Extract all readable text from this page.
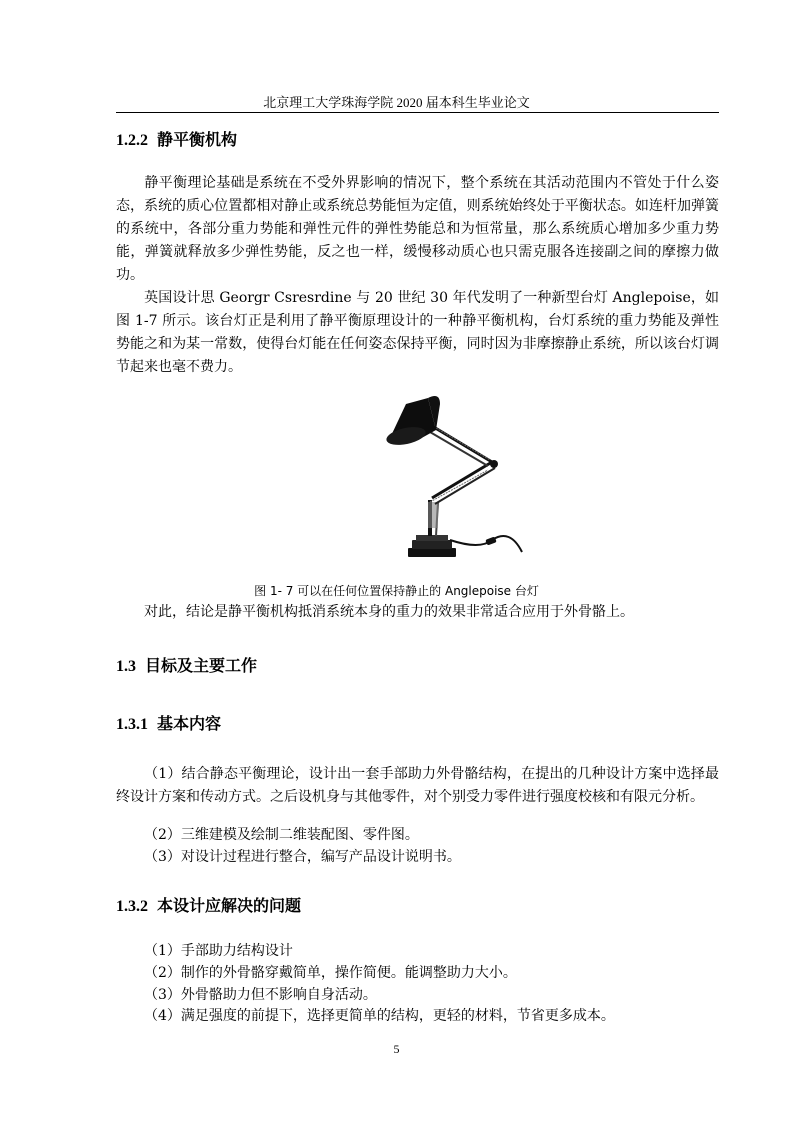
北京理工大学珠海学院 2020 届本科生毕业论文
1.2.2 静平衡机构
静平衡理论基础是系统在不受外界影响的情况下，整个系统在其活动范围内不管处于什么姿态，系统的质心位置都相对静止或系统总势能恒为定值，则系统始终处于平衡状态。如连杆加弹簧的系统中，各部分重力势能和弹性元件的弹性势能总和为恒常量，那么系统质心增加多少重力势能，弹簧就释放多少弹性势能，反之也一样，缓慢移动质心也只需克服各连接副之间的摩擦力做功。
英国设计思 Georgr Csresrdine 与 20 世纪 30 年代发明了一种新型台灯 Anglepoise，如图 1-7 所示。该台灯正是利用了静平衡原理设计的一种静平衡机构，台灯系统的重力势能及弹性势能之和为某一常数，使得台灯能在任何姿态保持平衡，同时因为非摩擦静止系统，所以该台灯调节起来也毫不费力。
图 1- 7 可以在任何位置保持静止的 Anglepoise 台灯
对此，结论是静平衡机构抵消系统本身的重力的效果非常适合应用于外骨骼上。
1.3 目标及主要工作
1.3.1 基本内容
（1）结合静态平衡理论，设计出一套手部助力外骨骼结构，在提出的几种设计方案中选择最终设计方案和传动方式。之后设机身与其他零件，对个别受力零件进行强度校核和有限元分析。
（2）三维建模及绘制二维装配图、零件图。
（3）对设计过程进行整合，编写产品设计说明书。
1.3.2 本设计应解决的问题
（1）手部助力结构设计
（2）制作的外骨骼穿戴简单，操作简便。能调整助力大小。
（3）外骨骼助力但不影响自身活动。
（4）满足强度的前提下，选择更简单的结构，更轻的材料，节省更多成本。
5
